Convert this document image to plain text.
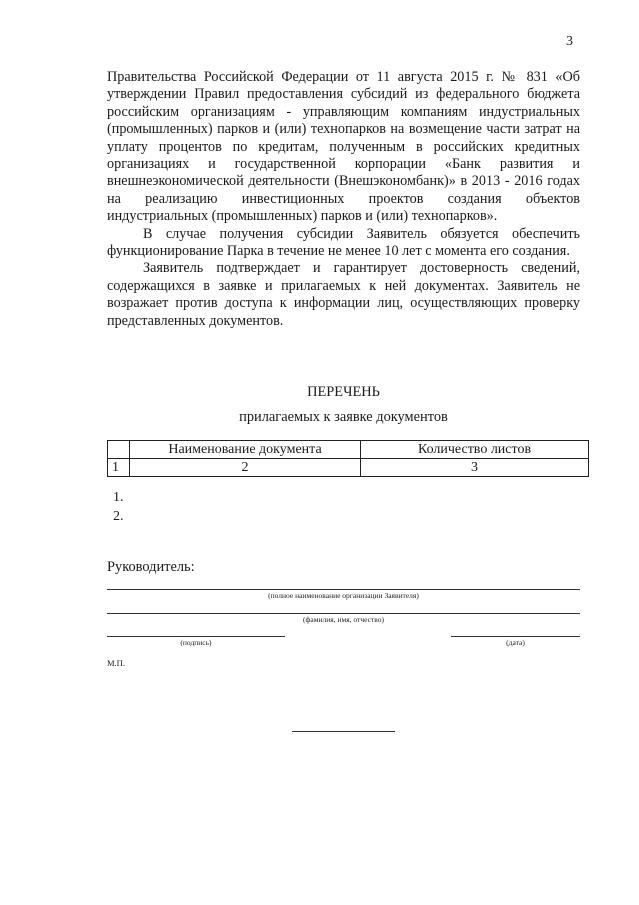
3

Правительства Российской Федерации от 11 августа 2015 г. № 831 «Об утверждении Правил предоставления субсидий из федерального бюджета российским организациям - управляющим компаниям индустриальных (промышленных) парков и (или) технопарков на возмещение части затрат на уплату процентов по кредитам, полученным в российских кредитных организациях и государственной корпорации «Банк развития и внешнеэкономической деятельности (Внешэкономбанк)» в 2013 - 2016 годах на реализацию инвестиционных проектов создания объектов индустриальных (промышленных) парков и (или) технопарков».

В случае получения субсидии Заявитель обязуется обеспечить функционирование Парка в течение не менее 10 лет с момента его создания.

Заявитель подтверждает и гарантирует достоверность сведений, содержащихся в заявке и прилагаемых к ней документах. Заявитель не возражает против доступа к информации лиц, осуществляющих проверку представленных документов.

ПЕРЕЧЕНЬ
прилагаемых к заявке документов
	Наименование документа	Количество листов
1	2	3
1.
2.
Руководитель:
(полное наименование организации Заявителя)
(фамилия, имя, отчество)
(подпись)	(дата)
М.П.
